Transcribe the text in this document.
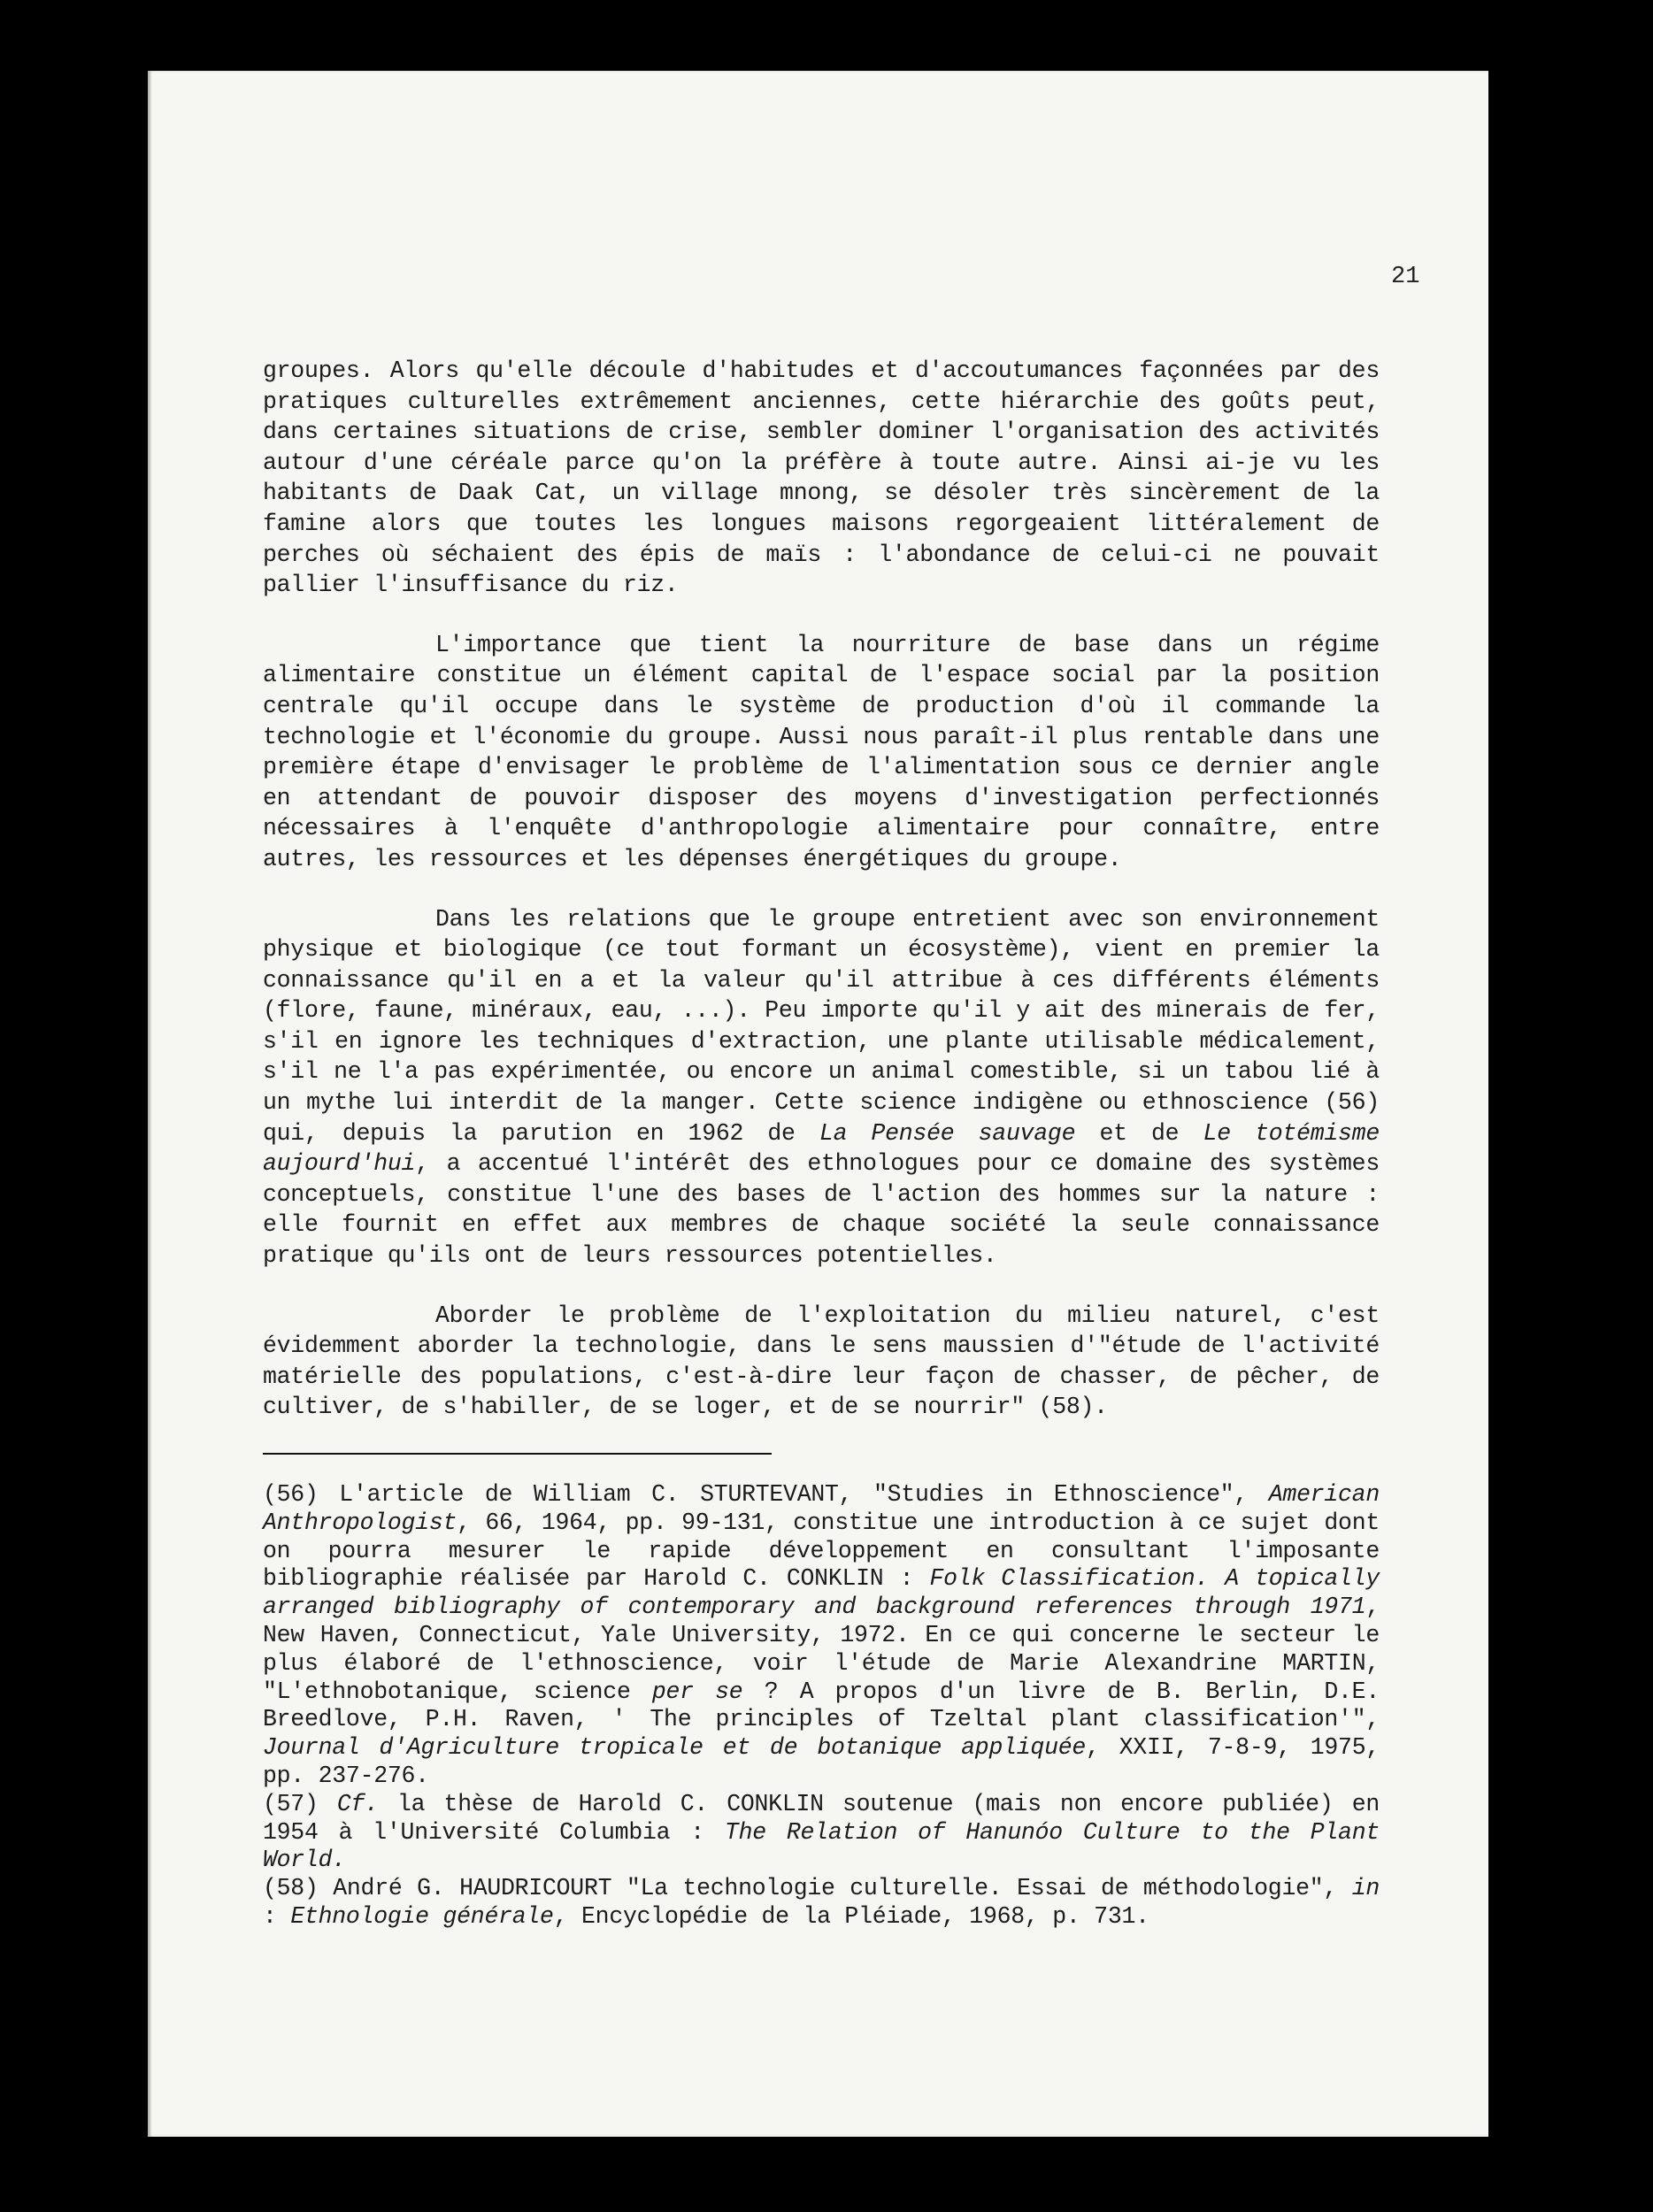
21

groupes. Alors qu'elle découle d'habitudes et d'accoutumances façonnées par des pratiques culturelles extrêmement anciennes, cette hiérarchie des goûts peut, dans certaines situations de crise, sembler dominer l'organisation des activités autour d'une céréale parce qu'on la préfère à toute autre. Ainsi ai-je vu les habitants de Daak Cat, un village mnong, se désoler très sincèrement de la famine alors que toutes les longues maisons regorgeaient littéralement de perches où séchaient des épis de maïs : l'abondance de celui-ci ne pouvait pallier l'insuffisance du riz.

L'importance que tient la nourriture de base dans un régime alimentaire constitue un élément capital de l'espace social par la position centrale qu'il occupe dans le système de production d'où il commande la technologie et l'économie du groupe. Aussi nous paraît-il plus rentable dans une première étape d'envisager le problème de l'alimentation sous ce dernier angle en attendant de pouvoir disposer des moyens d'investigation perfectionnés nécessaires à l'enquête d'anthropologie alimentaire pour connaître, entre autres, les ressources et les dépenses énergétiques du groupe.

Dans les relations que le groupe entretient avec son environnement physique et biologique (ce tout formant un écosystème), vient en premier la connaissance qu'il en a et la valeur qu'il attribue à ces différents éléments (flore, faune, minéraux, eau, ...). Peu importe qu'il y ait des minerais de fer, s'il en ignore les techniques d'extraction, une plante utilisable médicalement, s'il ne l'a pas expérimentée, ou encore un animal comestible, si un tabou lié à un mythe lui interdit de la manger. Cette science indigène ou ethnoscience (56) qui, depuis la parution en 1962 de La Pensée sauvage et de Le totémisme aujourd'hui, a accentué l'intérêt des ethnologues pour ce domaine des systèmes conceptuels, constitue l'une des bases de l'action des hommes sur la nature : elle fournit en effet aux membres de chaque société la seule connaissance pratique qu'ils ont de leurs ressources potentielles.

Aborder le problème de l'exploitation du milieu naturel, c'est évidemment aborder la technologie, dans le sens maussien d'"étude de l'activité matérielle des populations, c'est-à-dire leur façon de chasser, de pêcher, de cultiver, de s'habiller, de se loger, et de se nourrir" (58).

(56) L'article de William C. STURTEVANT, "Studies in Ethnoscience", American Anthropologist, 66, 1964, pp. 99-131, constitue une introduction à ce sujet dont on pourra mesurer le rapide développement en consultant l'imposante bibliographie réalisée par Harold C. CONKLIN : Folk Classification. A topically arranged bibliography of contemporary and background references through 1971, New Haven, Connecticut, Yale University, 1972. En ce qui concerne le secteur le plus élaboré de l'ethnoscience, voir l'étude de Marie Alexandrine MARTIN, "L'ethnobotanique, science per se ? A propos d'un livre de B. Berlin, D.E. Breedlove, P.H. Raven, ' The principles of Tzeltal plant classification'", Journal d'Agriculture tropicale et de botanique appliquée, XXII, 7-8-9, 1975, pp. 237-276.

(57) Cf. la thèse de Harold C. CONKLIN soutenue (mais non encore publiée) en 1954 à l'Université Columbia : The Relation of Hanunóo Culture to the Plant World.

(58) André G. HAUDRICOURT "La technologie culturelle. Essai de méthodologie", in : Ethnologie générale, Encyclopédie de la Pléiade, 1968, p. 731.
